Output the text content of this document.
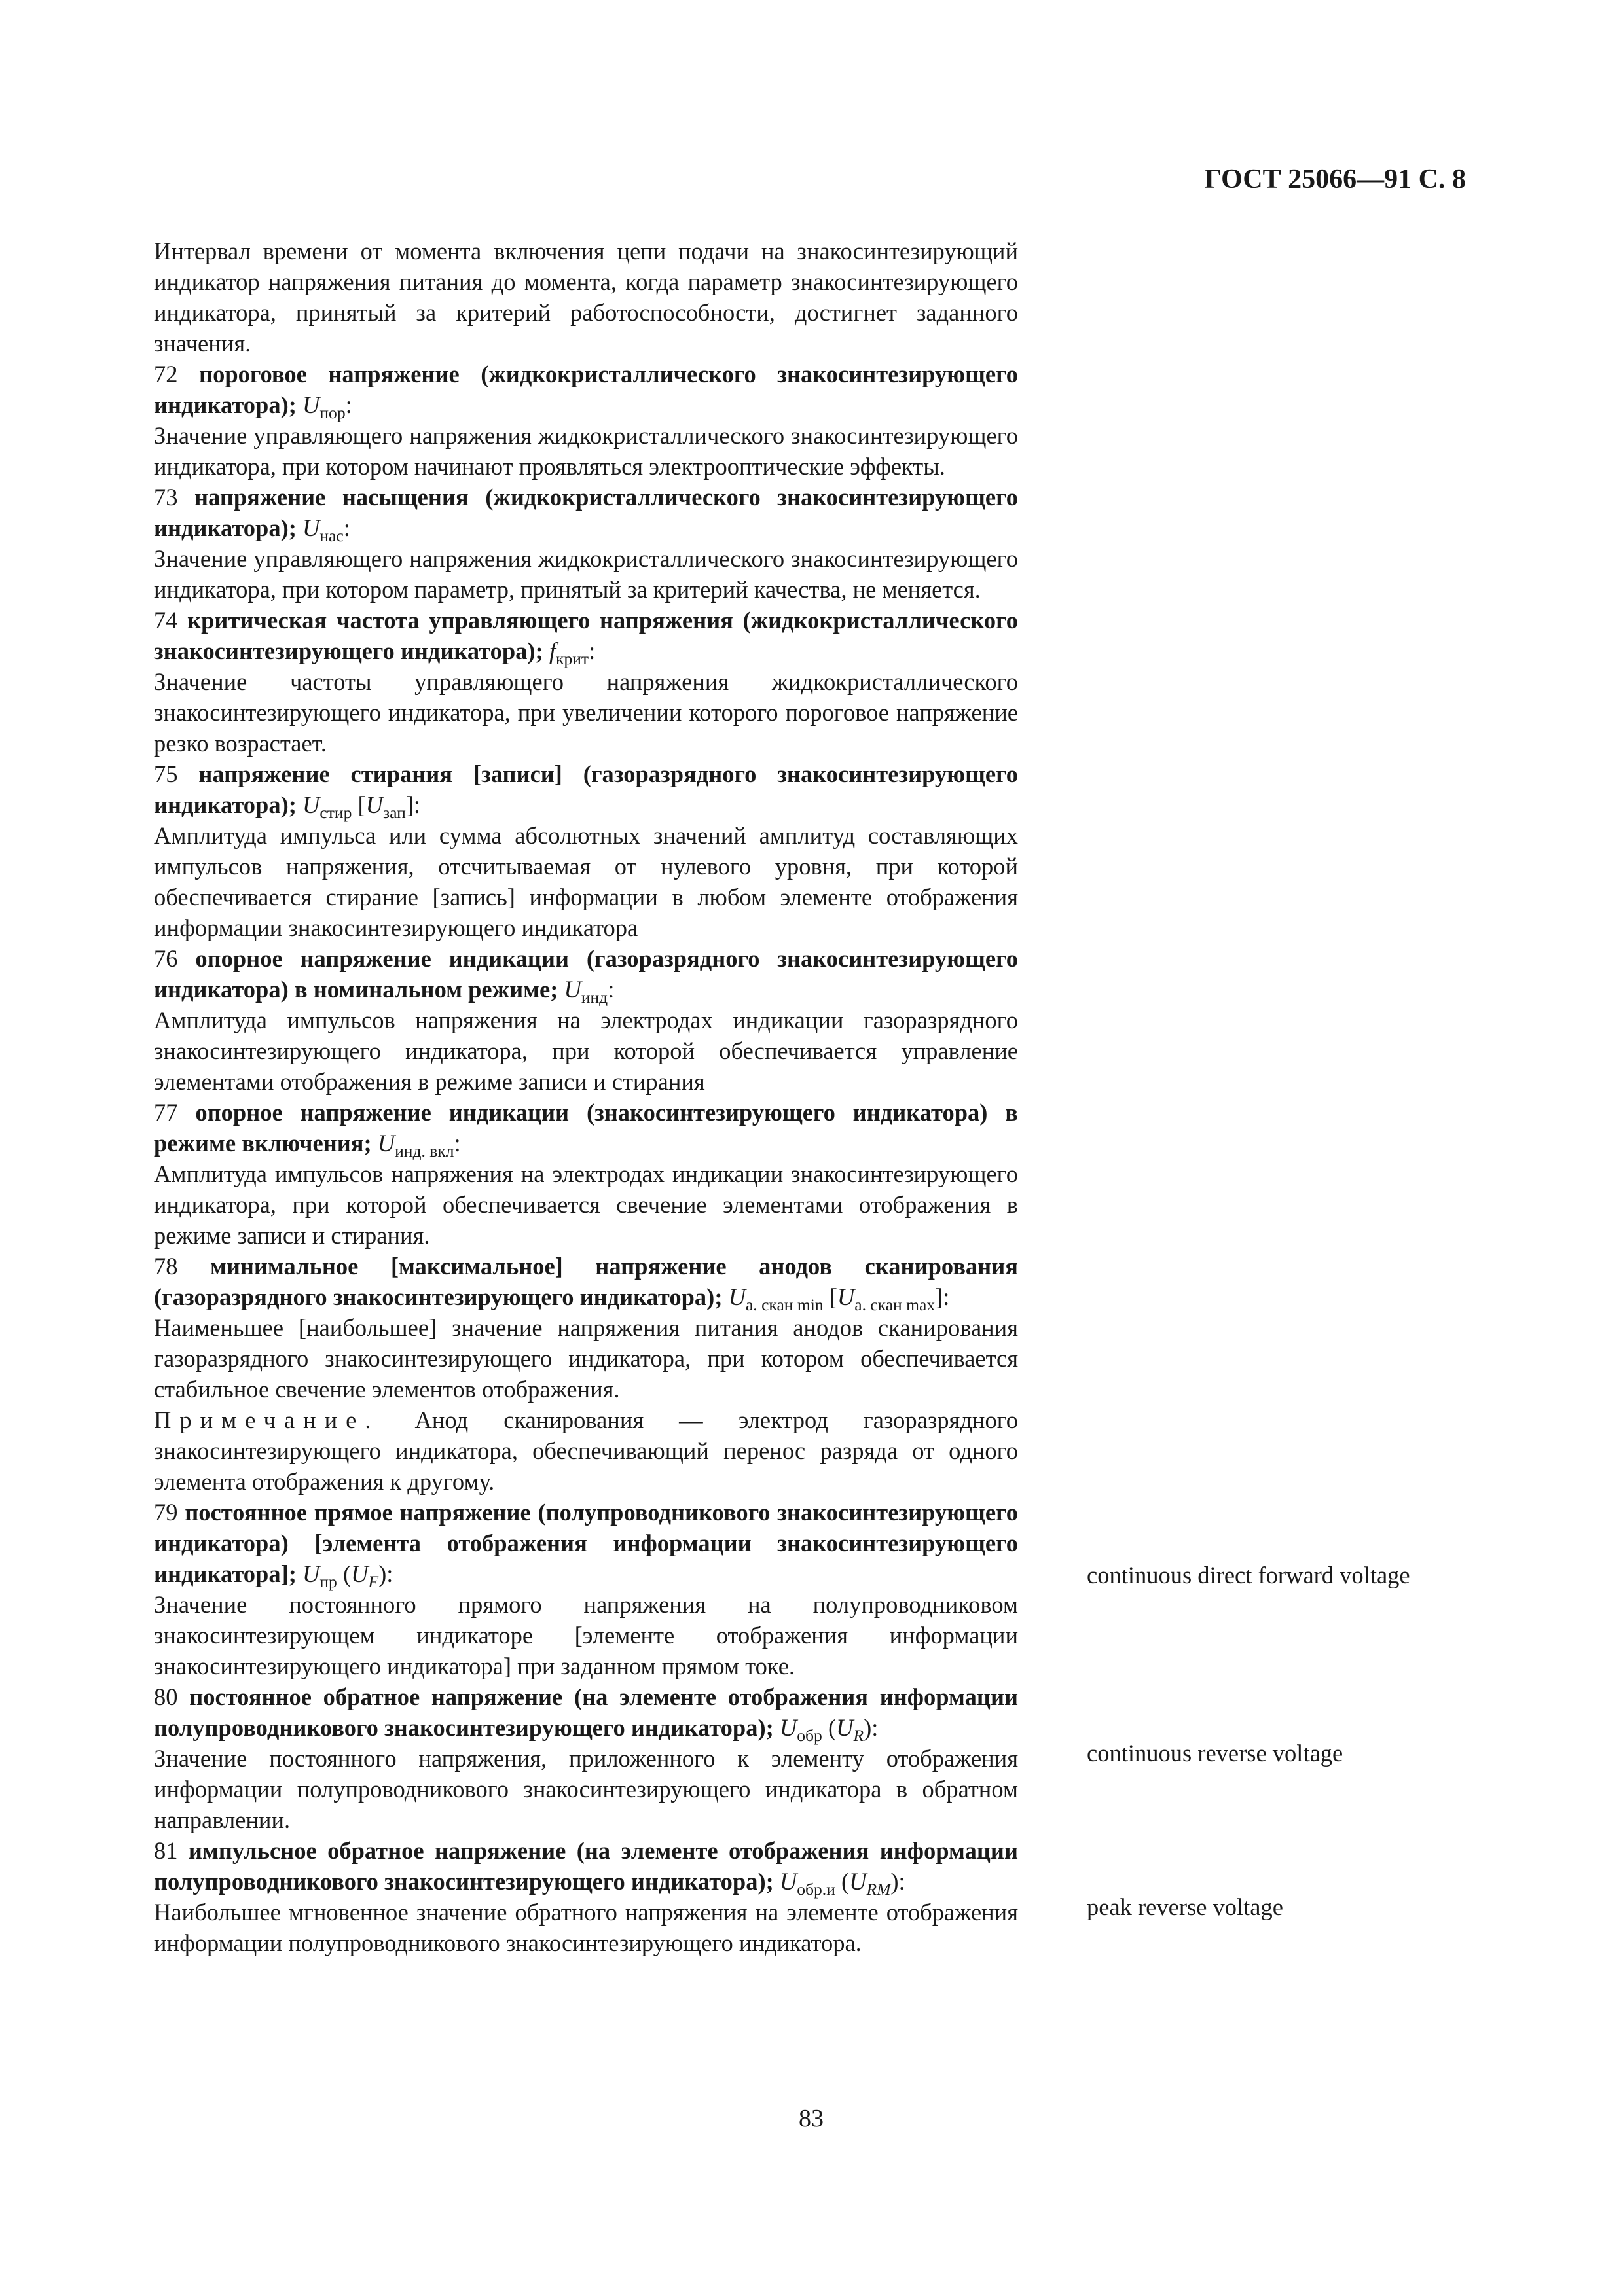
ГОСТ 25066—91 С. 8

Интервал времени от момента включения цепи подачи на знакосинтезирующий индикатор напряжения питания до момента, когда параметр знакосинтезирующего индикатора, принятый за критерий работоспособности, достигнет заданного значения.

72 пороговое напряжение (жидкокристаллического знакосинтезирующего индикатора); $U_{пор}$:

Значение управляющего напряжения жидкокристаллического знакосинтезирующего индикатора, при котором начинают проявляться электрооптические эффекты.

73 напряжение насыщения (жидкокристаллического знакосинтезирующего индикатора); $U_{нас}$:

Значение управляющего напряжения жидкокристаллического знакосинтезирующего индикатора, при котором параметр, принятый за критерий качества, не меняется.

74 критическая частота управляющего напряжения (жидкокристаллического знакосинтезирующего индикатора); $f_{крит}$:

Значение частоты управляющего напряжения жидкокристаллического знакосинтезирующего индикатора, при увеличении которого пороговое напряжение резко возрастает.

75 напряжение стирания [записи] (газоразрядного знакосинтезирующего индикатора); $U_{стир}$ $[U_{зап}]$:

Амплитуда импульса или сумма абсолютных значений амплитуд составляющих импульсов напряжения, отсчитываемая от нулевого уровня, при которой обеспечивается стирание [запись] информации в любом элементе отображения информации знакосинтезирующего индикатора

76 опорное напряжение индикации (газоразрядного знакосинтезирующего индикатора) в номинальном режиме; $U_{инд}$:

Амплитуда импульсов напряжения на электродах индикации газоразрядного знакосинтезирующего индикатора, при которой обеспечивается управление элементами отображения в режиме записи и стирания

77 опорное напряжение индикации (знакосинтезирующего индикатора) в режиме включения; $U_{инд. вкл}$:

Амплитуда импульсов напряжения на электродах индикации знакосинтезирующего индикатора, при которой обеспечивается свечение элементами отображения в режиме записи и стирания.

78 минимальное [максимальное] напряжение анодов сканирования (газоразрядного знакосинтезирующего индикатора); $U_{а. скан min}$ $[U_{а. скан max}]$:

Наименьшее [наибольшее] значение напряжения питания анодов сканирования газоразрядного знакосинтезирующего индикатора, при котором обеспечивается стабильное свечение элементов отображения.

Примечание. Анод сканирования — электрод газоразрядного знакосинтезирующего индикатора, обеспечивающий перенос разряда от одного элемента отображения к другому.

79 постоянное прямое напряжение (полупроводникового знакосинтезирующего индикатора) [элемента отображения информации знакосинтезирующего индикатора]; $U_{пр}$ $(U_F)$:

Значение постоянного прямого напряжения на полупроводниковом знакосинтезирующем индикаторе [элементе отображения информации знакосинтезирующего индикатора] при заданном прямом токе.

80 постоянное обратное напряжение (на элементе отображения информации полупроводникового знакосинтезирующего индикатора); $U_{обр}$ $(U_R)$:

Значение постоянного напряжения, приложенного к элементу отображения информации полупроводникового знакосинтезирующего индикатора в обратном направлении.

81 импульсное обратное напряжение (на элементе отображения информации полупроводникового знакосинтезирующего индикатора); $U_{обр.и}$ $(U_{RM})$:

Наибольшее мгновенное значение обратного напряжения на элементе отображения информации полупроводникового знакосинтезирующего индикатора.

continuous direct forward voltage
continuous reverse voltage
peak reverse voltage
83
